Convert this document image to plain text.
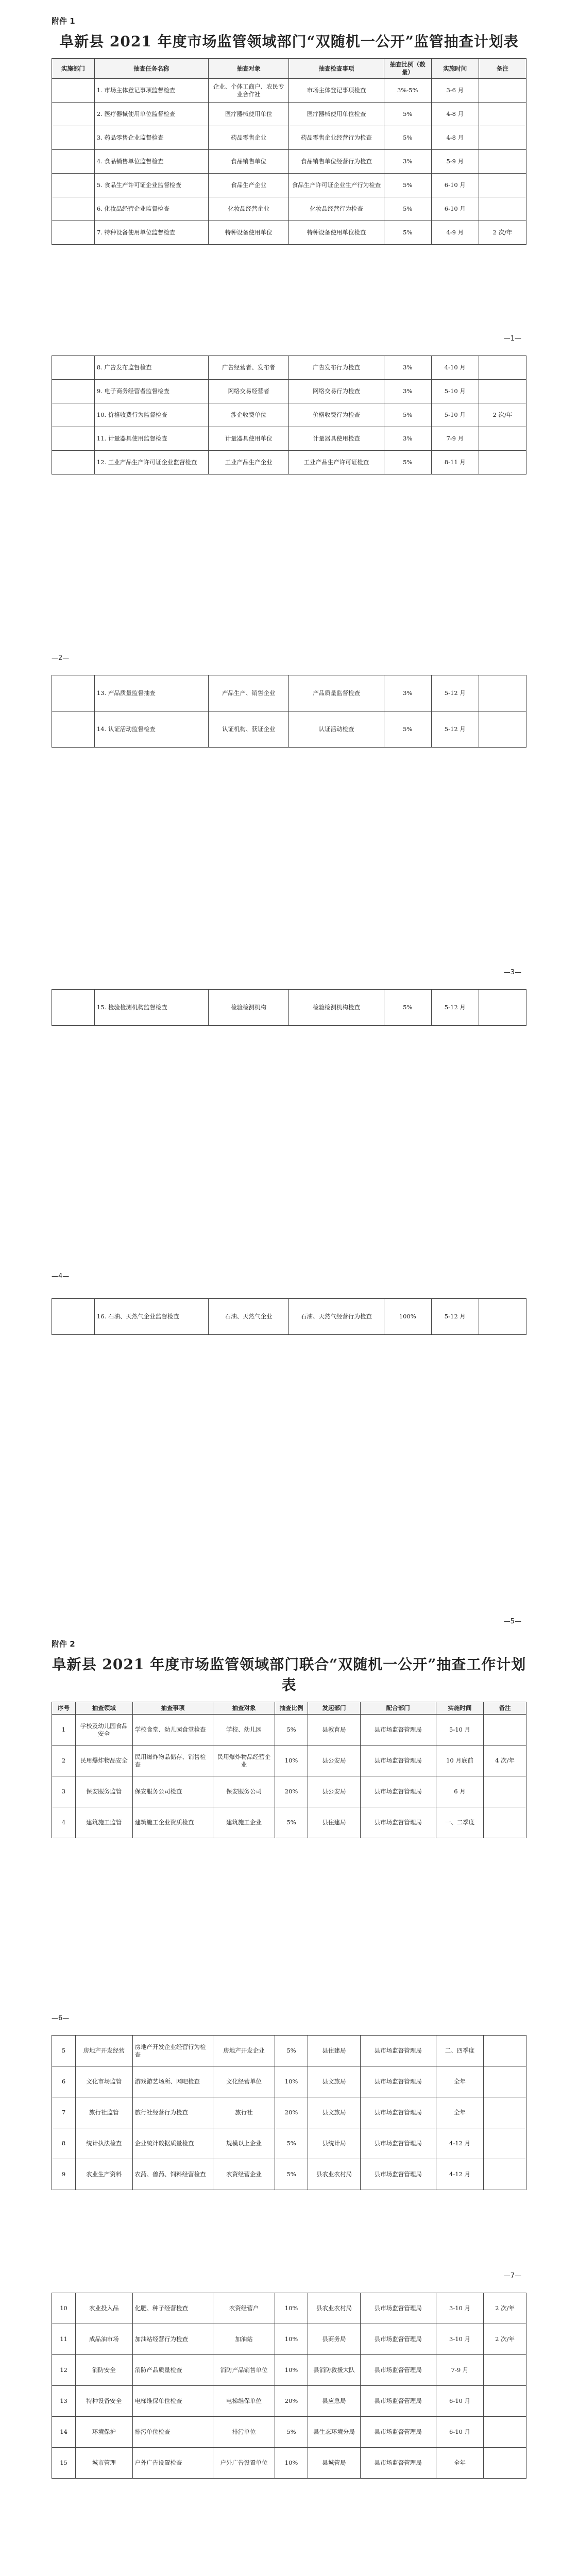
附件 1
阜新县 2021 年度市场监管领域部门“双随机一公开”监管抽查计划表
实施部门	抽查任务名称	抽查对象	抽查检查事项	抽查比例（数量）	实施时间	备注
	1. 市场主体登记事项监督检查	企业、个体工商户、农民专业合作社	市场主体登记事项检查	3%-5%	3-6 月	
	2. 医疗器械使用单位监督检查	医疗器械使用单位	医疗器械使用单位检查	5%	4-8 月	
	3. 药品零售企业监督检查	药品零售企业	药品零售企业经营行为检查	5%	4-8 月	
	4. 食品销售单位监督检查	食品销售单位	食品销售单位经营行为检查	3%	5-9 月	
	5. 食品生产许可证企业监督检查	食品生产企业	食品生产许可证企业生产行为检查	5%	6-10 月	
	6. 化妆品经营企业监督检查	化妆品经营企业	化妆品经营行为检查	5%	6-10 月	
	7. 特种设备使用单位监督检查	特种设备使用单位	特种设备使用单位检查	5%	4-9 月	2 次/年
—1—
	8. 广告发布监督检查	广告经营者、发布者	广告发布行为检查	3%	4-10 月	
	9. 电子商务经营者监督检查	网络交易经营者	网络交易行为检查	3%	5-10 月	
	10. 价格收费行为监督检查	涉企收费单位	价格收费行为检查	5%	5-10 月	2 次/年
	11. 计量器具使用监督检查	计量器具使用单位	计量器具使用检查	3%	7-9 月	
	12. 工业产品生产许可证企业监督检查	工业产品生产企业	工业产品生产许可证检查	5%	8-11 月	
—2—
	13. 产品质量监督抽查	产品生产、销售企业	产品质量监督检查	3%	5-12 月	
	14. 认证活动监督检查	认证机构、获证企业	认证活动检查	5%	5-12 月	
—3—
	15. 检验检测机构监督检查	检验检测机构	检验检测机构检查	5%	5-12 月	
—4—
	16. 石油、天然气企业监督检查	石油、天然气企业	石油、天然气经营行为检查	100%	5-12 月	
—5—
附件 2
阜新县 2021 年度市场监管领域部门联合“双随机一公开”抽查工作计划表
序号	抽查领域	抽查事项	抽查对象	抽查比例	发起部门	配合部门	实施时间	备注
1	学校及幼儿园食品安全	学校食堂、幼儿园食堂检查	学校、幼儿园	5%	县教育局	县市场监督管理局	5-10 月	
2	民用爆炸物品安全	民用爆炸物品储存、销售检查	民用爆炸物品经营企业	10%	县公安局	县市场监督管理局	10 月底前	4 次/年
3	保安服务监管	保安服务公司检查	保安服务公司	20%	县公安局	县市场监督管理局	6 月	
4	建筑施工监管	建筑施工企业资质检查	建筑施工企业	5%	县住建局	县市场监督管理局	一、二季度	
—6—
5	房地产开发经营	房地产开发企业经营行为检查	房地产开发企业	5%	县住建局	县市场监督管理局	二、四季度	
6	文化市场监管	游戏游艺场所、网吧检查	文化经营单位	10%	县文旅局	县市场监督管理局	全年	
7	旅行社监管	旅行社经营行为检查	旅行社	20%	县文旅局	县市场监督管理局	全年	
8	统计执法检查	企业统计数据质量检查	规模以上企业	5%	县统计局	县市场监督管理局	4-12 月	
9	农业生产资料	农药、兽药、饲料经营检查	农资经营企业	5%	县农业农村局	县市场监督管理局	4-12 月	
—7—
10	农业投入品	化肥、种子经营检查	农资经营户	10%	县农业农村局	县市场监督管理局	3-10 月	2 次/年
11	成品油市场	加油站经营行为检查	加油站	10%	县商务局	县市场监督管理局	3-10 月	2 次/年
12	消防安全	消防产品质量检查	消防产品销售单位	10%	县消防救援大队	县市场监督管理局	7-9 月	
13	特种设备安全	电梯维保单位检查	电梯维保单位	20%	县应急局	县市场监督管理局	6-10 月	
14	环境保护	排污单位检查	排污单位	5%	县生态环境分局	县市场监督管理局	6-10 月	
15	城市管理	户外广告设置检查	户外广告设置单位	10%	县城管局	县市场监督管理局	全年	
